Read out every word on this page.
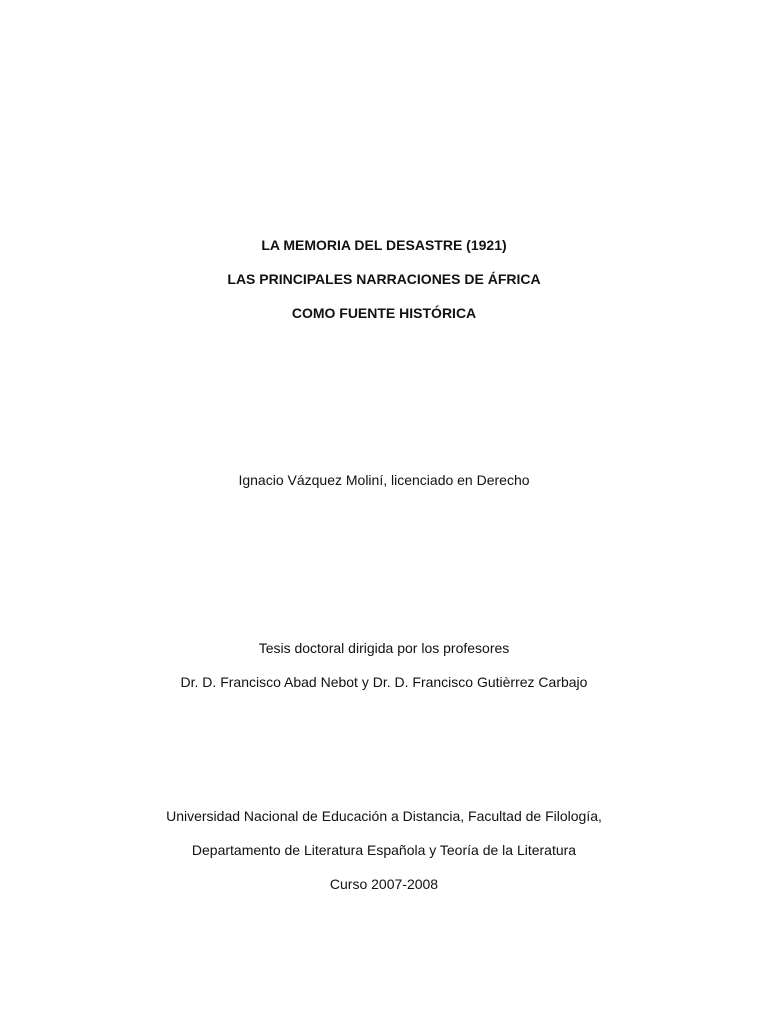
LA MEMORIA DEL DESASTRE (1921)
LAS PRINCIPALES NARRACIONES DE ÁFRICA
COMO FUENTE HISTÓRICA
Ignacio Vázquez Moliní, licenciado en Derecho
Tesis doctoral dirigida por los profesores
Dr. D. Francisco Abad Nebot y Dr. D. Francisco Gutièrrez Carbajo
Universidad Nacional de Educación a Distancia, Facultad de Filología,
Departamento de Literatura Española y Teoría de la Literatura
Curso 2007-2008
